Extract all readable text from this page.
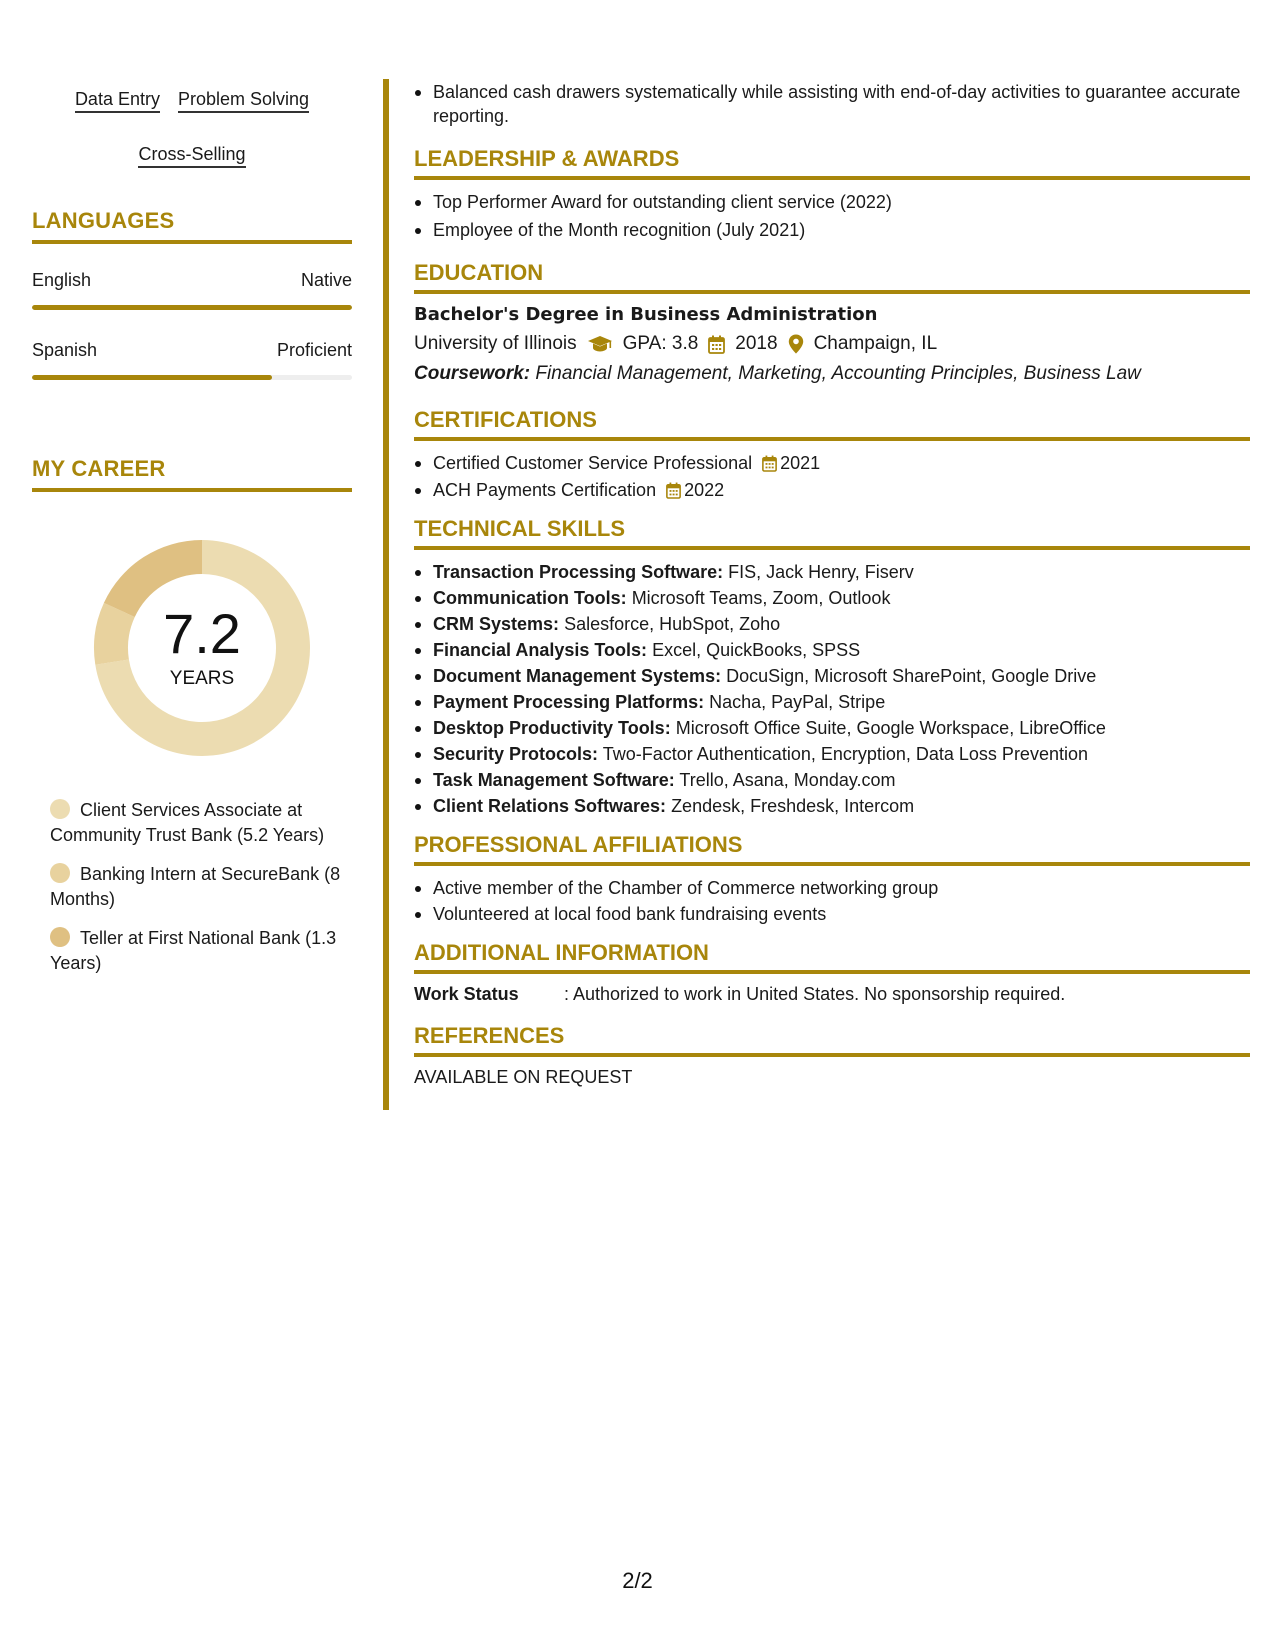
Data Entry Problem Solving
Cross-Selling
LANGUAGES
English	Native
Spanish	Proficient
MY CAREER
7.2
YEARS
Client Services Associate at Community Trust Bank (5.2 Years)
Banking Intern at SecureBank (8 Months)
Teller at First National Bank (1.3 Years)
Balanced cash drawers systematically while assisting with end-of-day activities to guarantee accurate reporting.
LEADERSHIP & AWARDS
Top Performer Award for outstanding client service (2022)
Employee of the Month recognition (July 2021)
EDUCATION
Bachelor's Degree in Business Administration
University of Illinois GPA: 3.8 2018 Champaign, IL
Coursework: Financial Management, Marketing, Accounting Principles, Business Law
CERTIFICATIONS
Certified Customer Service Professional 2021
ACH Payments Certification 2022
TECHNICAL SKILLS
Transaction Processing Software: FIS, Jack Henry, Fiserv
Communication Tools: Microsoft Teams, Zoom, Outlook
CRM Systems: Salesforce, HubSpot, Zoho
Financial Analysis Tools: Excel, QuickBooks, SPSS
Document Management Systems: DocuSign, Microsoft SharePoint, Google Drive
Payment Processing Platforms: Nacha, PayPal, Stripe
Desktop Productivity Tools: Microsoft Office Suite, Google Workspace, LibreOffice
Security Protocols: Two-Factor Authentication, Encryption, Data Loss Prevention
Task Management Software: Trello, Asana, Monday.com
Client Relations Softwares: Zendesk, Freshdesk, Intercom
PROFESSIONAL AFFILIATIONS
Active member of the Chamber of Commerce networking group
Volunteered at local food bank fundraising events
ADDITIONAL INFORMATION
Work Status	: Authorized to work in United States. No sponsorship required.
REFERENCES
AVAILABLE ON REQUEST
2/2
